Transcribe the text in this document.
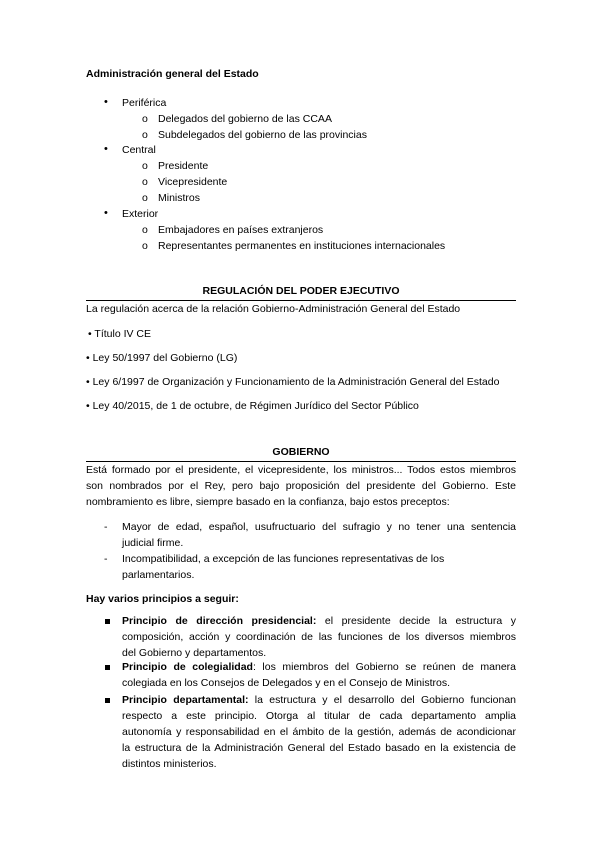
Administración general del Estado
• Periférica
o Delegados del gobierno de las CCAA
o Subdelegados del gobierno de las provincias
• Central
o Presidente
o Vicepresidente
o Ministros
• Exterior
o Embajadores en países extranjeros
o Representantes permanentes en instituciones internacionales
REGULACIÓN DEL PODER EJECUTIVO
La regulación acerca de la relación Gobierno-Administración General del Estado
• Título IV CE
• Ley 50/1997 del Gobierno (LG)
• Ley 6/1997 de Organización y Funcionamiento de la Administración General del Estado
• Ley 40/2015, de 1 de octubre, de Régimen Jurídico del Sector Público
GOBIERNO
Está formado por el presidente, el vicepresidente, los ministros... Todos estos miembros
son nombrados por el Rey, pero bajo proposición del presidente del Gobierno. Este
nombramiento es libre, siempre basado en la confianza, bajo estos preceptos:
- Mayor de edad, español, usufructuario del sufragio y no tener una sentencia
judicial firme.
- Incompatibilidad, a excepción de las funciones representativas de los
parlamentarios.
Hay varios principios a seguir:
Principio de dirección presidencial: el presidente decide la estructura y
composición, acción y coordinación de las funciones de los diversos miembros
del Gobierno y departamentos.
Principio de colegialidad: los miembros del Gobierno se reúnen de manera
colegiada en los Consejos de Delegados y en el Consejo de Ministros.
Principio departamental: la estructura y el desarrollo del Gobierno funcionan
respecto a este principio. Otorga al titular de cada departamento amplia
autonomía y responsabilidad en el ámbito de la gestión, además de acondicionar
la estructura de la Administración General del Estado basado en la existencia de
distintos ministerios.
